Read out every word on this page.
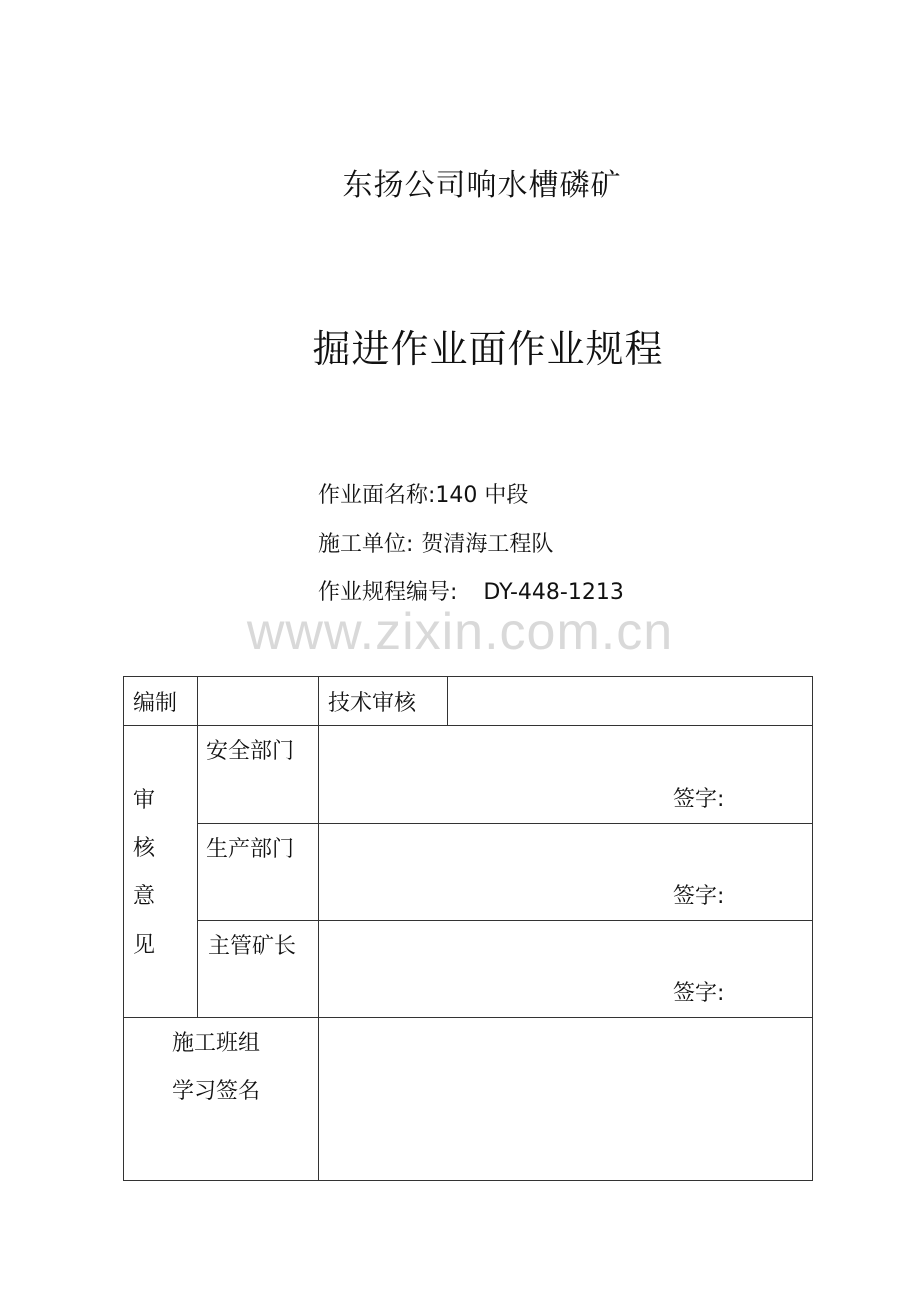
东扬公司响水槽磷矿
掘进作业面作业规程
作业面名称:140 中段
施工单位: 贺清海工程队
作业规程编号: DY-448-1213
www.zixin.com.cn
编制	技术审核
审
核
意
见
安全部门
签字:
生产部门
签字:
主管矿长
签字:
施工班组
学习签名
